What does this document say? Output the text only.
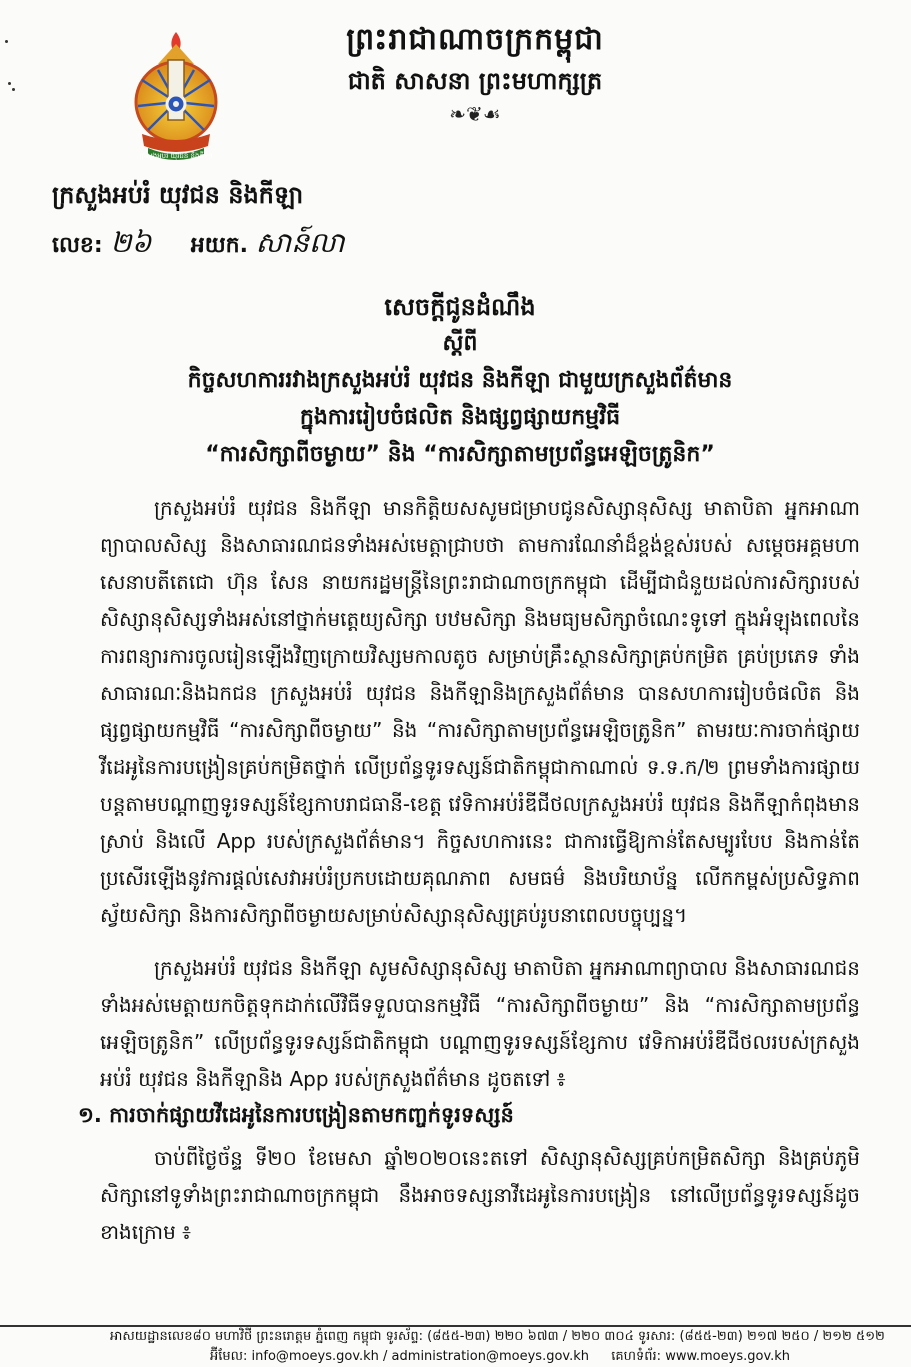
ក្រសួងអប់រំ យុវជន និងកីឡា
ព្រះរាជាណាចក្រកម្ពុជា
ជាតិ សាសនា ព្រះមហាក្សត្រ
❧❦☙
ក្រសួងអប់រំ យុវជន និងកីឡា
លេខ: ២៦ អយក. សាន៍លា
សេចក្ដីជូនដំណឹង
ស្ដីពី
កិច្ចសហការរវាងក្រសួងអប់រំ យុវជន និងកីឡា ជាមួយក្រសួងព័ត៌មាន
ក្នុងការរៀបចំផលិត និងផ្សព្វផ្សាយកម្មវិធី
“ការសិក្សាពីចម្ងាយ” និង “ការសិក្សាតាមប្រព័ន្ធអេឡិចត្រូនិក”

ក្រសួងអប់រំ យុវជន និងកីឡា មានកិត្តិយសសូមជម្រាបជូនសិស្សានុសិស្ស មាតាបិតា អ្នកអាណាព្យាបាលសិស្ស និងសាធារណជនទាំងអស់មេត្តាជ្រាបថា តាមការណែនាំដ៏ខ្ពង់ខ្ពស់របស់ សម្ដេចអគ្គមហាសេនាបតីតេជោ ហ៊ុន សែន នាយករដ្ឋមន្ត្រីនៃព្រះរាជាណាចក្រកម្ពុជា ដើម្បីជាជំនួយដល់ការសិក្សារបស់សិស្សានុសិស្សទាំងអស់នៅថ្នាក់មត្តេយ្យសិក្សា បឋមសិក្សា និងមធ្យមសិក្សាចំណេះទូទៅ ក្នុងអំឡុងពេលនៃការពន្យារការចូលរៀនឡើងវិញក្រោយវិស្សមកាលតូច សម្រាប់គ្រឹះស្ថានសិក្សាគ្រប់កម្រិត គ្រប់ប្រភេទ ទាំងសាធារណៈនិងឯកជន ក្រសួងអប់រំ យុវជន និងកីឡានិងក្រសួងព័ត៌មាន បានសហការរៀបចំផលិត និងផ្សព្វផ្សាយកម្មវិធី “ការសិក្សាពីចម្ងាយ” និង “ការសិក្សាតាមប្រព័ន្ធអេឡិចត្រូនិក” តាមរយៈការចាក់ផ្សាយវីដេអូនៃការបង្រៀនគ្រប់កម្រិតថ្នាក់ លើប្រព័ន្ធទូរទស្សន៍ជាតិកម្ពុជាកាណាល់ ទ.ទ.ក/២ ព្រមទាំងការផ្សាយបន្តតាមបណ្ដាញទូរទស្សន៍ខ្សែកាបរាជធានី-ខេត្ត វេទិកាអប់រំឌីជីថលក្រសួងអប់រំ យុវជន និងកីឡាកំពុងមានស្រាប់ និងលើ App របស់ក្រសួងព័ត៌មាន។ កិច្ចសហការនេះ ជាការធ្វើឱ្យកាន់តែសម្បូរបែប និងកាន់តែប្រសើរឡើងនូវការផ្ដល់សេវាអប់រំប្រកបដោយគុណភាព សមធម៌ និងបរិយាប័ន្ន លើកកម្ពស់ប្រសិទ្ធភាពស្វ័យសិក្សា និងការសិក្សាពីចម្ងាយសម្រាប់សិស្សានុសិស្សគ្រប់រូបនាពេលបច្ចុប្បន្ន។

ក្រសួងអប់រំ យុវជន និងកីឡា សូមសិស្សានុសិស្ស មាតាបិតា អ្នកអាណាព្យាបាល និងសាធារណជនទាំងអស់មេត្តាយកចិត្តទុកដាក់លើវិធីទទួលបានកម្មវិធី “ការសិក្សាពីចម្ងាយ” និង “ការសិក្សាតាមប្រព័ន្ធអេឡិចត្រូនិក” លើប្រព័ន្ធទូរទស្សន៍ជាតិកម្ពុជា បណ្ដាញទូរទស្សន៍ខ្សែកាប វេទិកាអប់រំឌីជីថលរបស់ក្រសួងអប់រំ យុវជន និងកីឡានិង App របស់ក្រសួងព័ត៌មាន ដូចតទៅ ៖

១. ការចាក់ផ្សាយវីដេអូនៃការបង្រៀនតាមកញ្ចក់ទូរទស្សន៍

ចាប់ពីថ្ងៃច័ន្ទ ទី២០ ខែមេសា ឆ្នាំ២០២០នេះតទៅ សិស្សានុសិស្សគ្រប់កម្រិតសិក្សា និងគ្រប់ភូមិសិក្សានៅទូទាំងព្រះរាជាណាចក្រកម្ពុជា នឹងអាចទស្សនាវីដេអូនៃការបង្រៀន នៅលើប្រព័ន្ធទូរទស្សន៍ដូចខាងក្រោម ៖

អាសយដ្ឋានលេខ៨០ មហាវិថី ព្រះនរោត្តម ភ្នំពេញ កម្ពុជា ទូរស័ព្ទ: (៨៥៥-២៣) ២២០ ៦៧៣ / ២២០ ៣០៤ ទូរសារ: (៨៥៥-២៣) ២១៧ ២៥០ / ២១២ ៥១២
អ៊ីមែល: info@moeys.gov.kh / administration@moeys.gov.kh គេហទំព័រ: www.moeys.gov.kh
